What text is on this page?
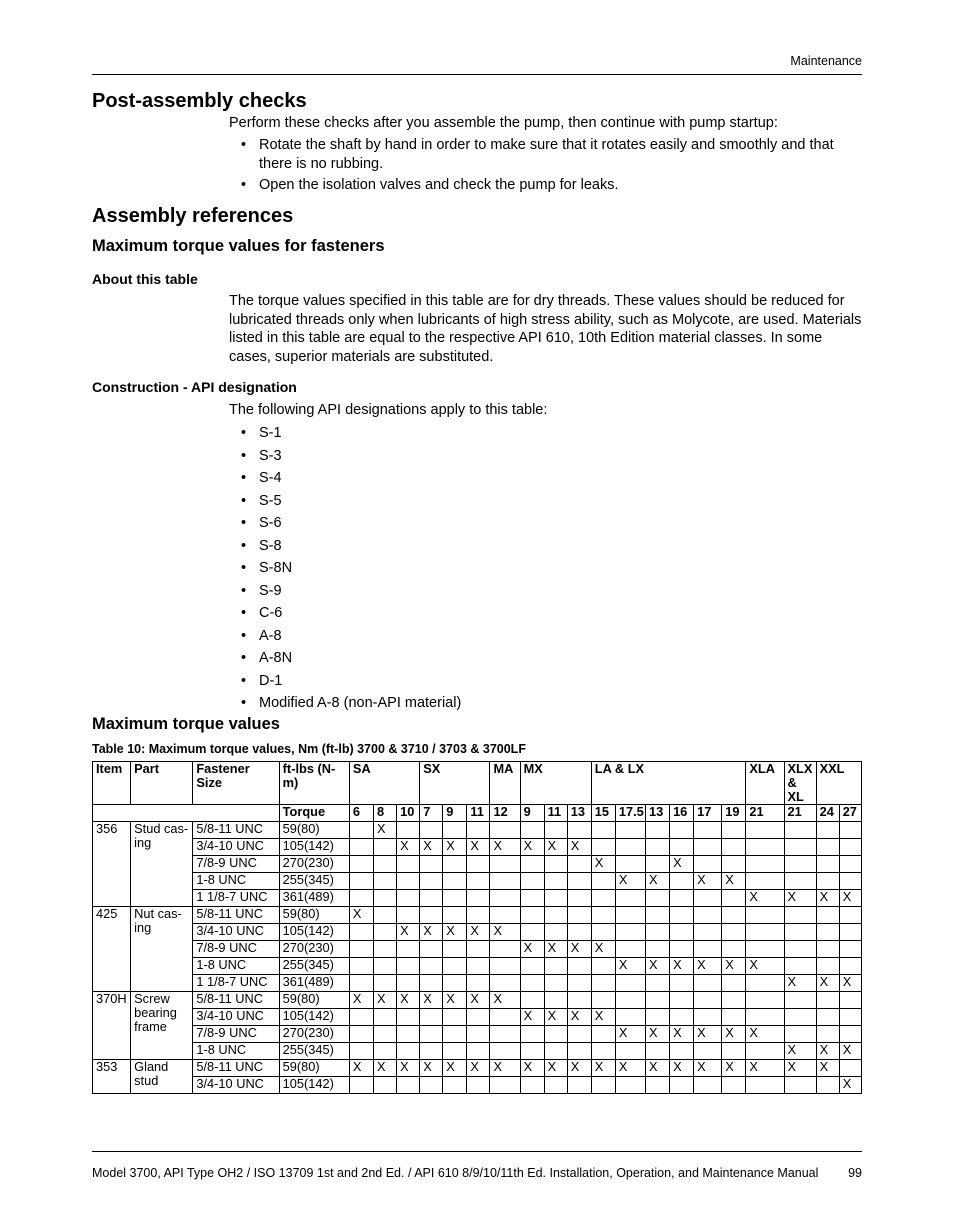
Maintenance
Post-assembly checks
Perform these checks after you assemble the pump, then continue with pump startup:
• Rotate the shaft by hand in order to make sure that it rotates easily and smoothly and that there is no rubbing.
• Open the isolation valves and check the pump for leaks.
Assembly references
Maximum torque values for fasteners
About this table
The torque values specified in this table are for dry threads. These values should be reduced for lubricated threads only when lubricants of high stress ability, such as Molycote, are used. Materials listed in this table are equal to the respective API 610, 10th Edition material classes. In some cases, superior materials are substituted.
Construction - API designation
The following API designations apply to this table:
• S-1
• S-3
• S-4
• S-5
• S-6
• S-8
• S-8N
• S-9
• C-6
• A-8
• A-8N
• D-1
• Modified A-8 (non-API material)
Maximum torque values
Table 10: Maximum torque values, Nm (ft-lb) 3700 & 3710 / 3703 & 3700LF
Item	Part	Fastener Size	ft-lbs (N-m)	SA			SX			MA	MX			LA & LX						XLA	XLX & XL	XXL	
			Torque	6	8	10	7	9	11	12	9	11	13	15	17.5	13	16	17	19	21	21	24	27
356	Stud cas-ing	5/8-11 UNC	59(80)		X																		
		3/4-10 UNC	105(142)			X	X	X	X	X	X	X	X										
		7/8-9 UNC	270(230)											X			X						
		1-8 UNC	255(345)												X	X		X	X				
		1 1/8-7 UNC	361(489)																	X	X	X	X
425	Nut cas-ing	5/8-11 UNC	59(80)	X																			
		3/4-10 UNC	105(142)			X	X	X	X	X													
		7/8-9 UNC	270(230)								X	X	X	X									
		1-8 UNC	255(345)												X	X	X	X	X	X			
		1 1/8-7 UNC	361(489)																		X	X	X
370H	Screw bearing frame	5/8-11 UNC	59(80)	X	X	X	X	X	X	X													
		3/4-10 UNC	105(142)								X	X	X	X									
		7/8-9 UNC	270(230)												X	X	X	X	X	X			
		1-8 UNC	255(345)																		X	X	X
353	Gland stud	5/8-11 UNC	59(80)	X	X	X	X	X	X	X	X	X	X	X	X	X	X	X	X	X	X	X	
		3/4-10 UNC	105(142)																				X
Model 3700, API Type OH2 / ISO 13709 1st and 2nd Ed. / API 610 8/9/10/11th Ed. Installation, Operation, and Maintenance Manual	99
